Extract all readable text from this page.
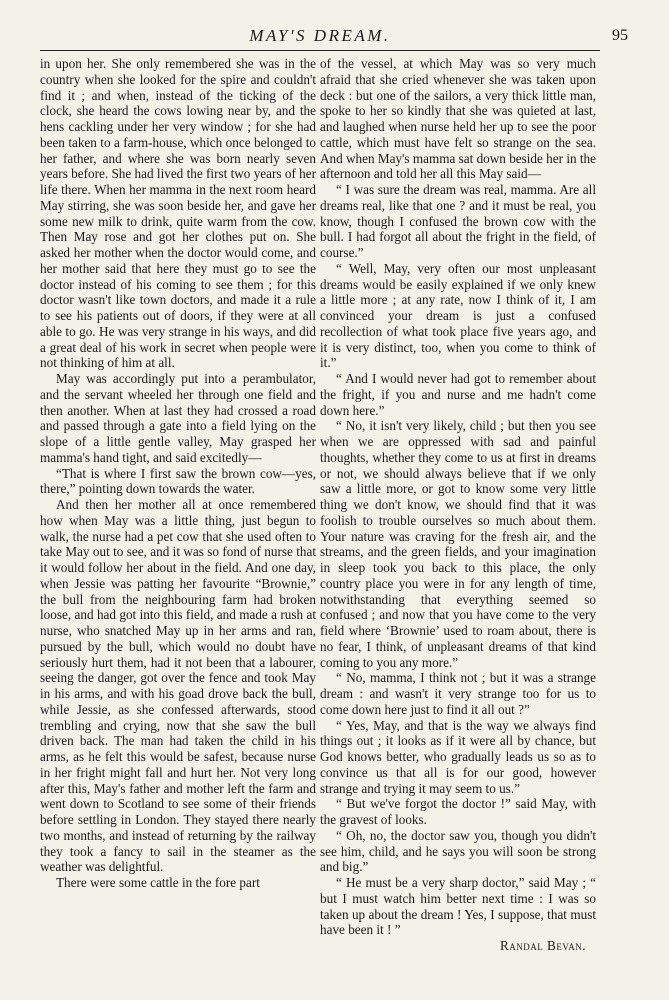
MAY'S DREAM.	95

in upon her. She only remembered she was in the country when she looked for the spire and couldn't find it ; and when, instead of the ticking of the clock, she heard the cows lowing near by, and the hens cackling under her very window ; for she had been taken to a farm-house, which once belonged to her father, and where she was born nearly seven years before. She had lived the first two years of her life there. When her mamma in the next room heard May stirring, she was soon beside her, and gave her some new milk to drink, quite warm from the cow. Then May rose and got her clothes put on. She asked her mother when the doctor would come, and her mother said that here they must go to see the doctor instead of his coming to see them ; for this doctor wasn't like town doctors, and made it a rule to see his patients out of doors, if they were at all able to go. He was very strange in his ways, and did a great deal of his work in secret when people were not thinking of him at all.

May was accordingly put into a perambulator, and the servant wheeled her through one field and then another. When at last they had crossed a road and passed through a gate into a field lying on the slope of a little gentle valley, May grasped her mamma's hand tight, and said excitedly—

“That is where I first saw the brown cow—yes, there,” pointing down towards the water.

And then her mother all at once remembered how when May was a little thing, just begun to walk, the nurse had a pet cow that she used often to take May out to see, and it was so fond of nurse that it would follow her about in the field. And one day, when Jessie was patting her favourite “Brownie,” the bull from the neighbouring farm had broken loose, and had got into this field, and made a rush at nurse, who snatched May up in her arms and ran, pursued by the bull, which would no doubt have seriously hurt them, had it not been that a labourer, seeing the danger, got over the fence and took May in his arms, and with his goad drove back the bull, while Jessie, as she confessed afterwards, stood trembling and crying, now that she saw the bull driven back. The man had taken the child in his arms, as he felt this would be safest, because nurse in her fright might fall and hurt her. Not very long after this, May's father and mother left the farm and went down to Scotland to see some of their friends before settling in London. They stayed there nearly two months, and instead of returning by the railway they took a fancy to sail in the steamer as the weather was delightful.

There were some cattle in the fore part

of the vessel, at which May was so very much afraid that she cried whenever she was taken upon deck : but one of the sailors, a very thick little man, spoke to her so kindly that she was quieted at last, and laughed when nurse held her up to see the poor cattle, which must have felt so strange on the sea. And when May's mamma sat down beside her in the afternoon and told her all this May said—

“ I was sure the dream was real, mamma. Are all dreams real, like that one ? and it must be real, you know, though I confused the brown cow with the bull. I had forgot all about the fright in the field, of course.”

“ Well, May, very often our most unpleasant dreams would be easily explained if we only knew a little more ; at any rate, now I think of it, I am convinced your dream is just a confused recollection of what took place five years ago, and it is very distinct, too, when you come to think of it.”

“ And I would never had got to remember about the fright, if you and nurse and me hadn't come down here.”

“ No, it isn't very likely, child ; but then you see when we are oppressed with sad and painful thoughts, whether they come to us at first in dreams or not, we should always believe that if we only saw a little more, or got to know some very little thing we don't know, we should find that it was foolish to trouble ourselves so much about them. Your nature was craving for the fresh air, and the streams, and the green fields, and your imagination in sleep took you back to this place, the only country place you were in for any length of time, notwithstanding that everything seemed so confused ; and now that you have come to the very field where ‘Brownie’ used to roam about, there is no fear, I think, of unpleasant dreams of that kind coming to you any more.”

“ No, mamma, I think not ; but it was a strange dream : and wasn't it very strange too for us to come down here just to find it all out ?”

“ Yes, May, and that is the way we always find things out ; it looks as if it were all by chance, but God knows better, who gradually leads us so as to convince us that all is for our good, however strange and trying it may seem to us.”

“ But we've forgot the doctor !” said May, with the gravest of looks.

“ Oh, no, the doctor saw you, though you didn't see him, child, and he says you will soon be strong and big.”

“ He must be a very sharp doctor,” said May ; “ but I must watch him better next time : I was so taken up about the dream ! Yes, I suppose, that must have been it ! ”

Randal Bevan.
